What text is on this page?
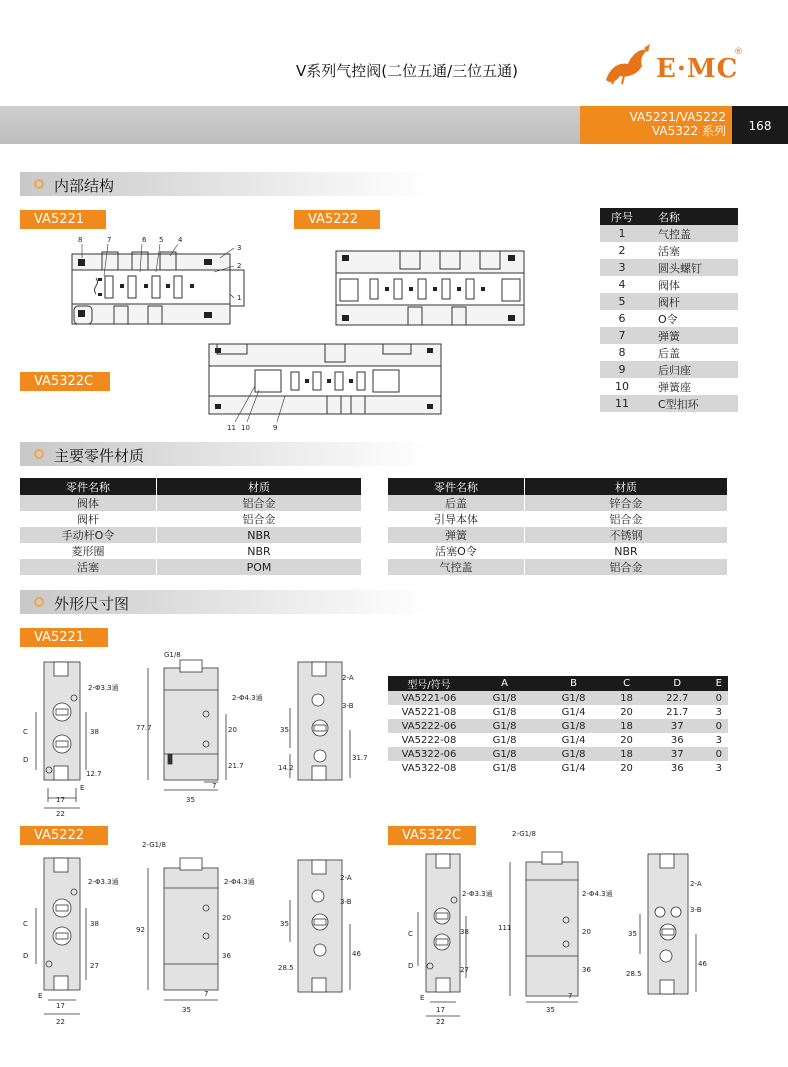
V系列气控阀(二位五通/三位五通)	E·MC
®
VA5221/VA5222
VA5322 系列	168
内部结构
VA5221	VA5222
VA5322C
8	7	6 5 4
3
2
1
11 10	9
序号	名称
1	气控盖
2	活塞
3	圆头螺钉
4	阀体
5	阀杆
6	O令
7	弹簧
8	后盖
9	后归座
10	弹簧座
11	C型扣环
主要零件材质
零件名称	材质
阀体	铝合金
阀杆	铝合金
手动杆O令	NBR
菱形圈	NBR
活塞	POM
零件名称	材质
后盖	锌合金
引导本体	铝合金
弹簧	不锈钢
活塞O令	NBR
气控盖	铝合金
外形尺寸图
VA5221
VA5222	VA5322C
型号/符号	A	B	C	D	E
VA5221-06	G1/8	G1/8	18	22.7	0
VA5221-08	G1/8	G1/4	20	21.7	3
VA5222-06	G1/8	G1/8	18	37	0
VA5222-08	G1/8	G1/4	20	36	3
VA5322-06	G1/8	G1/8	18	37	0
VA5322-08	G1/8	G1/4	20	36	3
2-Φ3.3通
C
D
E
17
22
38
12.7
G1/8
77.7
2-Φ4.3通
20
21.7
7
35
2-A
3-B
35
14.2
31.7
2-Φ3.3通
C
D
E
17
22
38
27
2-G1/8
92
2-Φ4.3通
20
36
7
35
2-A
3-B
35
28.5
46
2-Φ3.3通
C
D
E
17
22
38
27
2-G1/8
111
2-Φ4.3通
20
36
7
35
2-A
3-B
35
28.5
46
